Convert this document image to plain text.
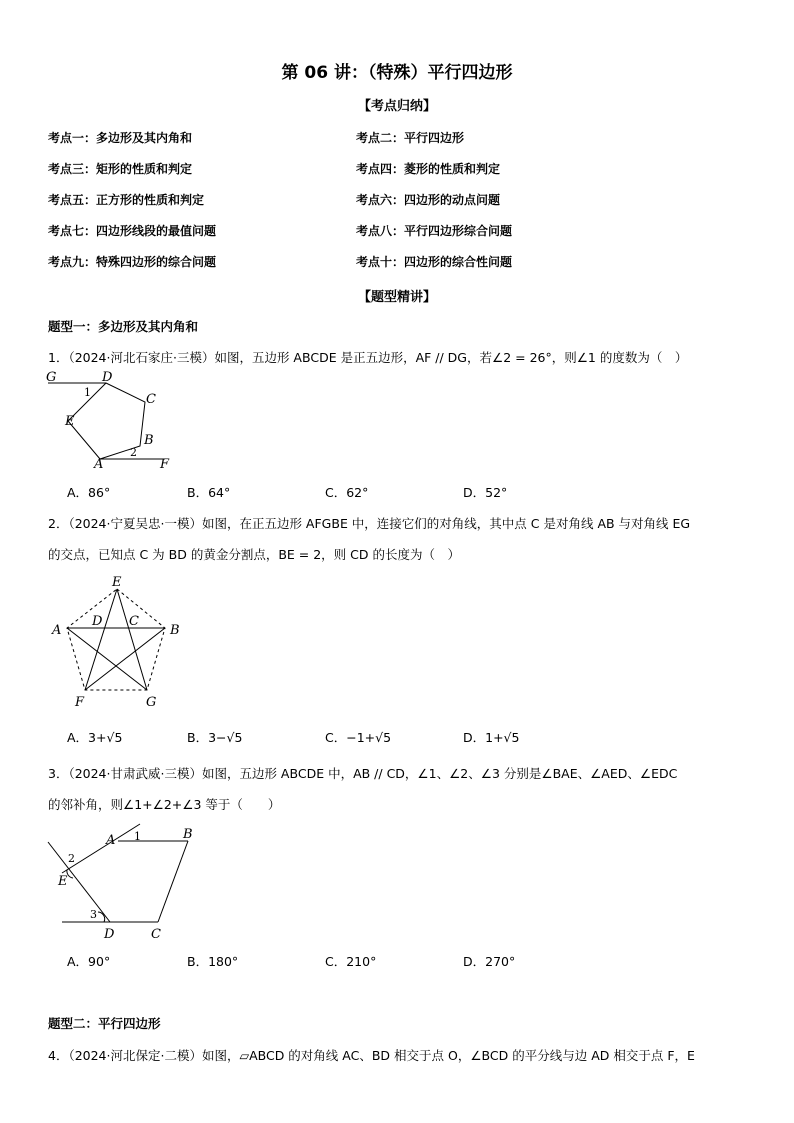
第 06 讲：（特殊）平行四边形
【考点归纳】
考点一：多边形及其内角和	考点二：平行四边形
考点三：矩形的性质和判定	考点四：菱形的性质和判定
考点五：正方形的性质和判定	考点六：四边形的动点问题
考点七：四边形线段的最值问题	考点八：平行四边形综合问题
考点九：特殊四边形的综合问题	考点十：四边形的综合性问题
【题型精讲】
题型一：多边形及其内角和
1．（2024·河北石家庄·三模）如图，五边形 ABCDE 是正五边形，AF // DG，若∠2 = 26°，则∠1 的度数为（　）
G	D
C
E
B
A	F
1
2
A．86°	B．64°	C．62°	D．52°
2．（2024·宁夏吴忠·一模）如图，在正五边形 AFGBE 中，连接它们的对角线，其中点 C 是对角线 AB 与对角线 EG
的交点，已知点 C 为 BD 的黄金分割点，BE = 2，则 CD 的长度为（　）
E
A
D C
B
F	G
A．3+√5	B．3−√5	C．−1+√5	D．1+√5
3．（2024·甘肃武威·三模）如图，五边形 ABCDE 中，AB // CD，∠1、∠2、∠3 分别是∠BAE、∠AED、∠EDC
的邻补角，则∠1+∠2+∠3 等于（　　）
A	B
E
D	C
1
2
3
A．90°	B．180°	C．210°	D．270°
题型二：平行四边形
4．（2024·河北保定·二模）如图，▱ABCD 的对角线 AC、BD 相交于点 O，∠BCD 的平分线与边 AD 相交于点 F，E
